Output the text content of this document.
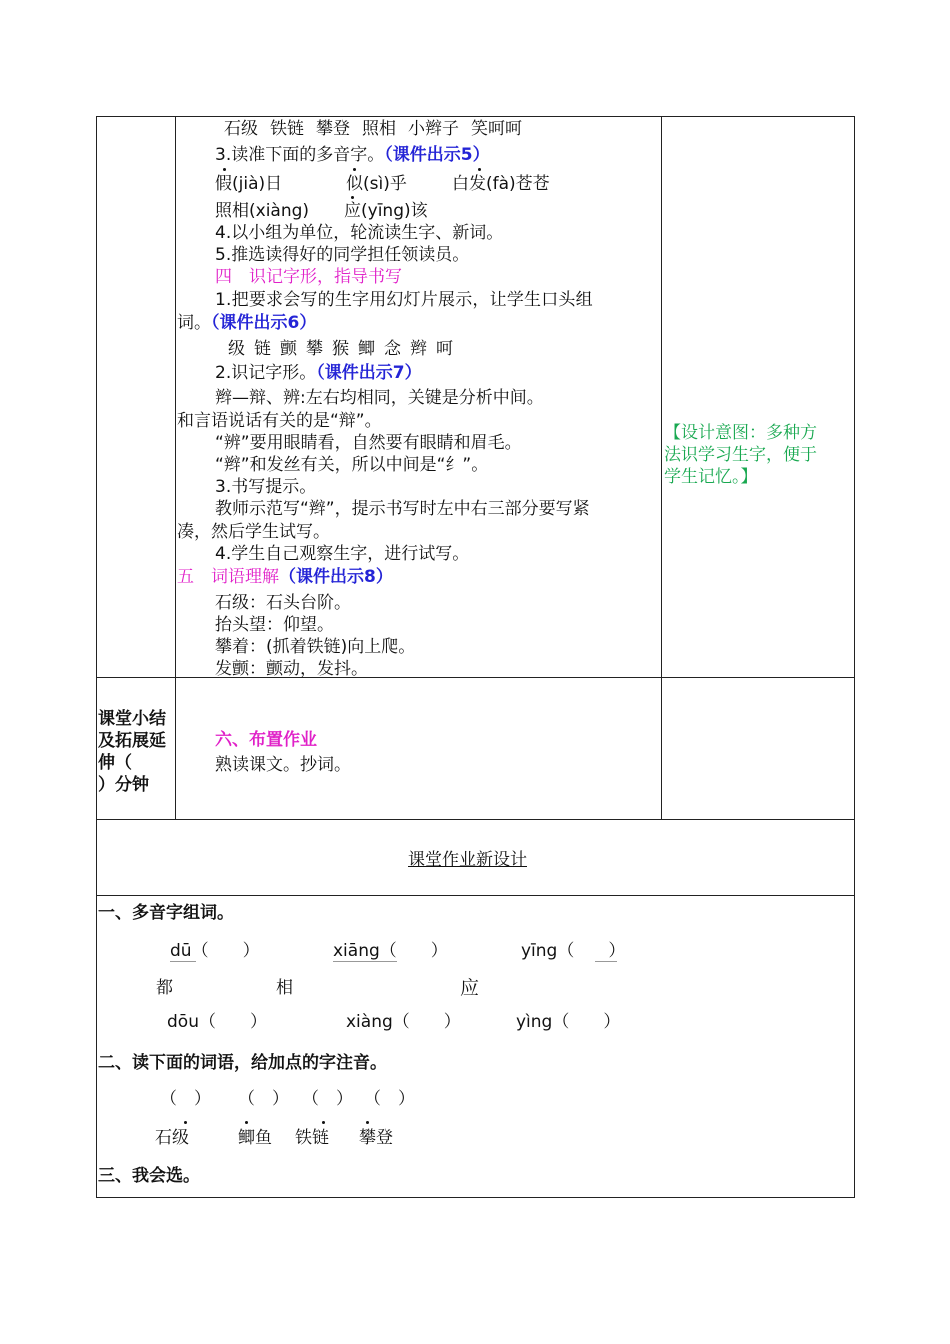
石级 铁链 攀登 照相 小辫子 笑呵呵
3.读准下面的多音字。（课件出示5）
假(jià)日	似(sì)乎	白发(fà)苍苍
照相(xiàng) 应(yīng)该
4.以小组为单位，轮流读生字、新词。
5.推选读得好的同学担任领读员。
四　识记字形，指导书写
1.把要求会写的生字用幻灯片展示，让学生口头组
词。（课件出示6）
级 链 颤 攀 猴 鲫 念 辫 呵
2.识记字形。（课件出示7）
辫—辩、辨:左右均相同，关键是分析中间。
和言语说话有关的是“辩”。
“辨”要用眼睛看，自然要有眼睛和眉毛。
“辫”和发丝有关，所以中间是“纟”。
3.书写提示。
教师示范写“辫”，提示书写时左中右三部分要写紧
凑，然后学生试写。
4.学生自己观察生字，进行试写。
五　词语理解（课件出示8）
石级：石头台阶。
抬头望：仰望。
攀着：(抓着铁链)向上爬。
发颤：颤动，发抖。
【设计意图：多种方
法识学习生字，便于
学生记忆。】
课堂小结
及拓展延
伸（
）分钟
六、布置作业
熟读课文。抄词。
课堂作业新设计
一、多音字组词。
dū（　　）	xiāng（　　）	yīng（　　）
都	相	应
dōu（　　）	xiàng（　　）	yìng（　　）
二、读下面的词语，给加点的字注音。
（　） （　） （　） （　）
石级	鲫鱼 铁链 攀登
三、我会选。
